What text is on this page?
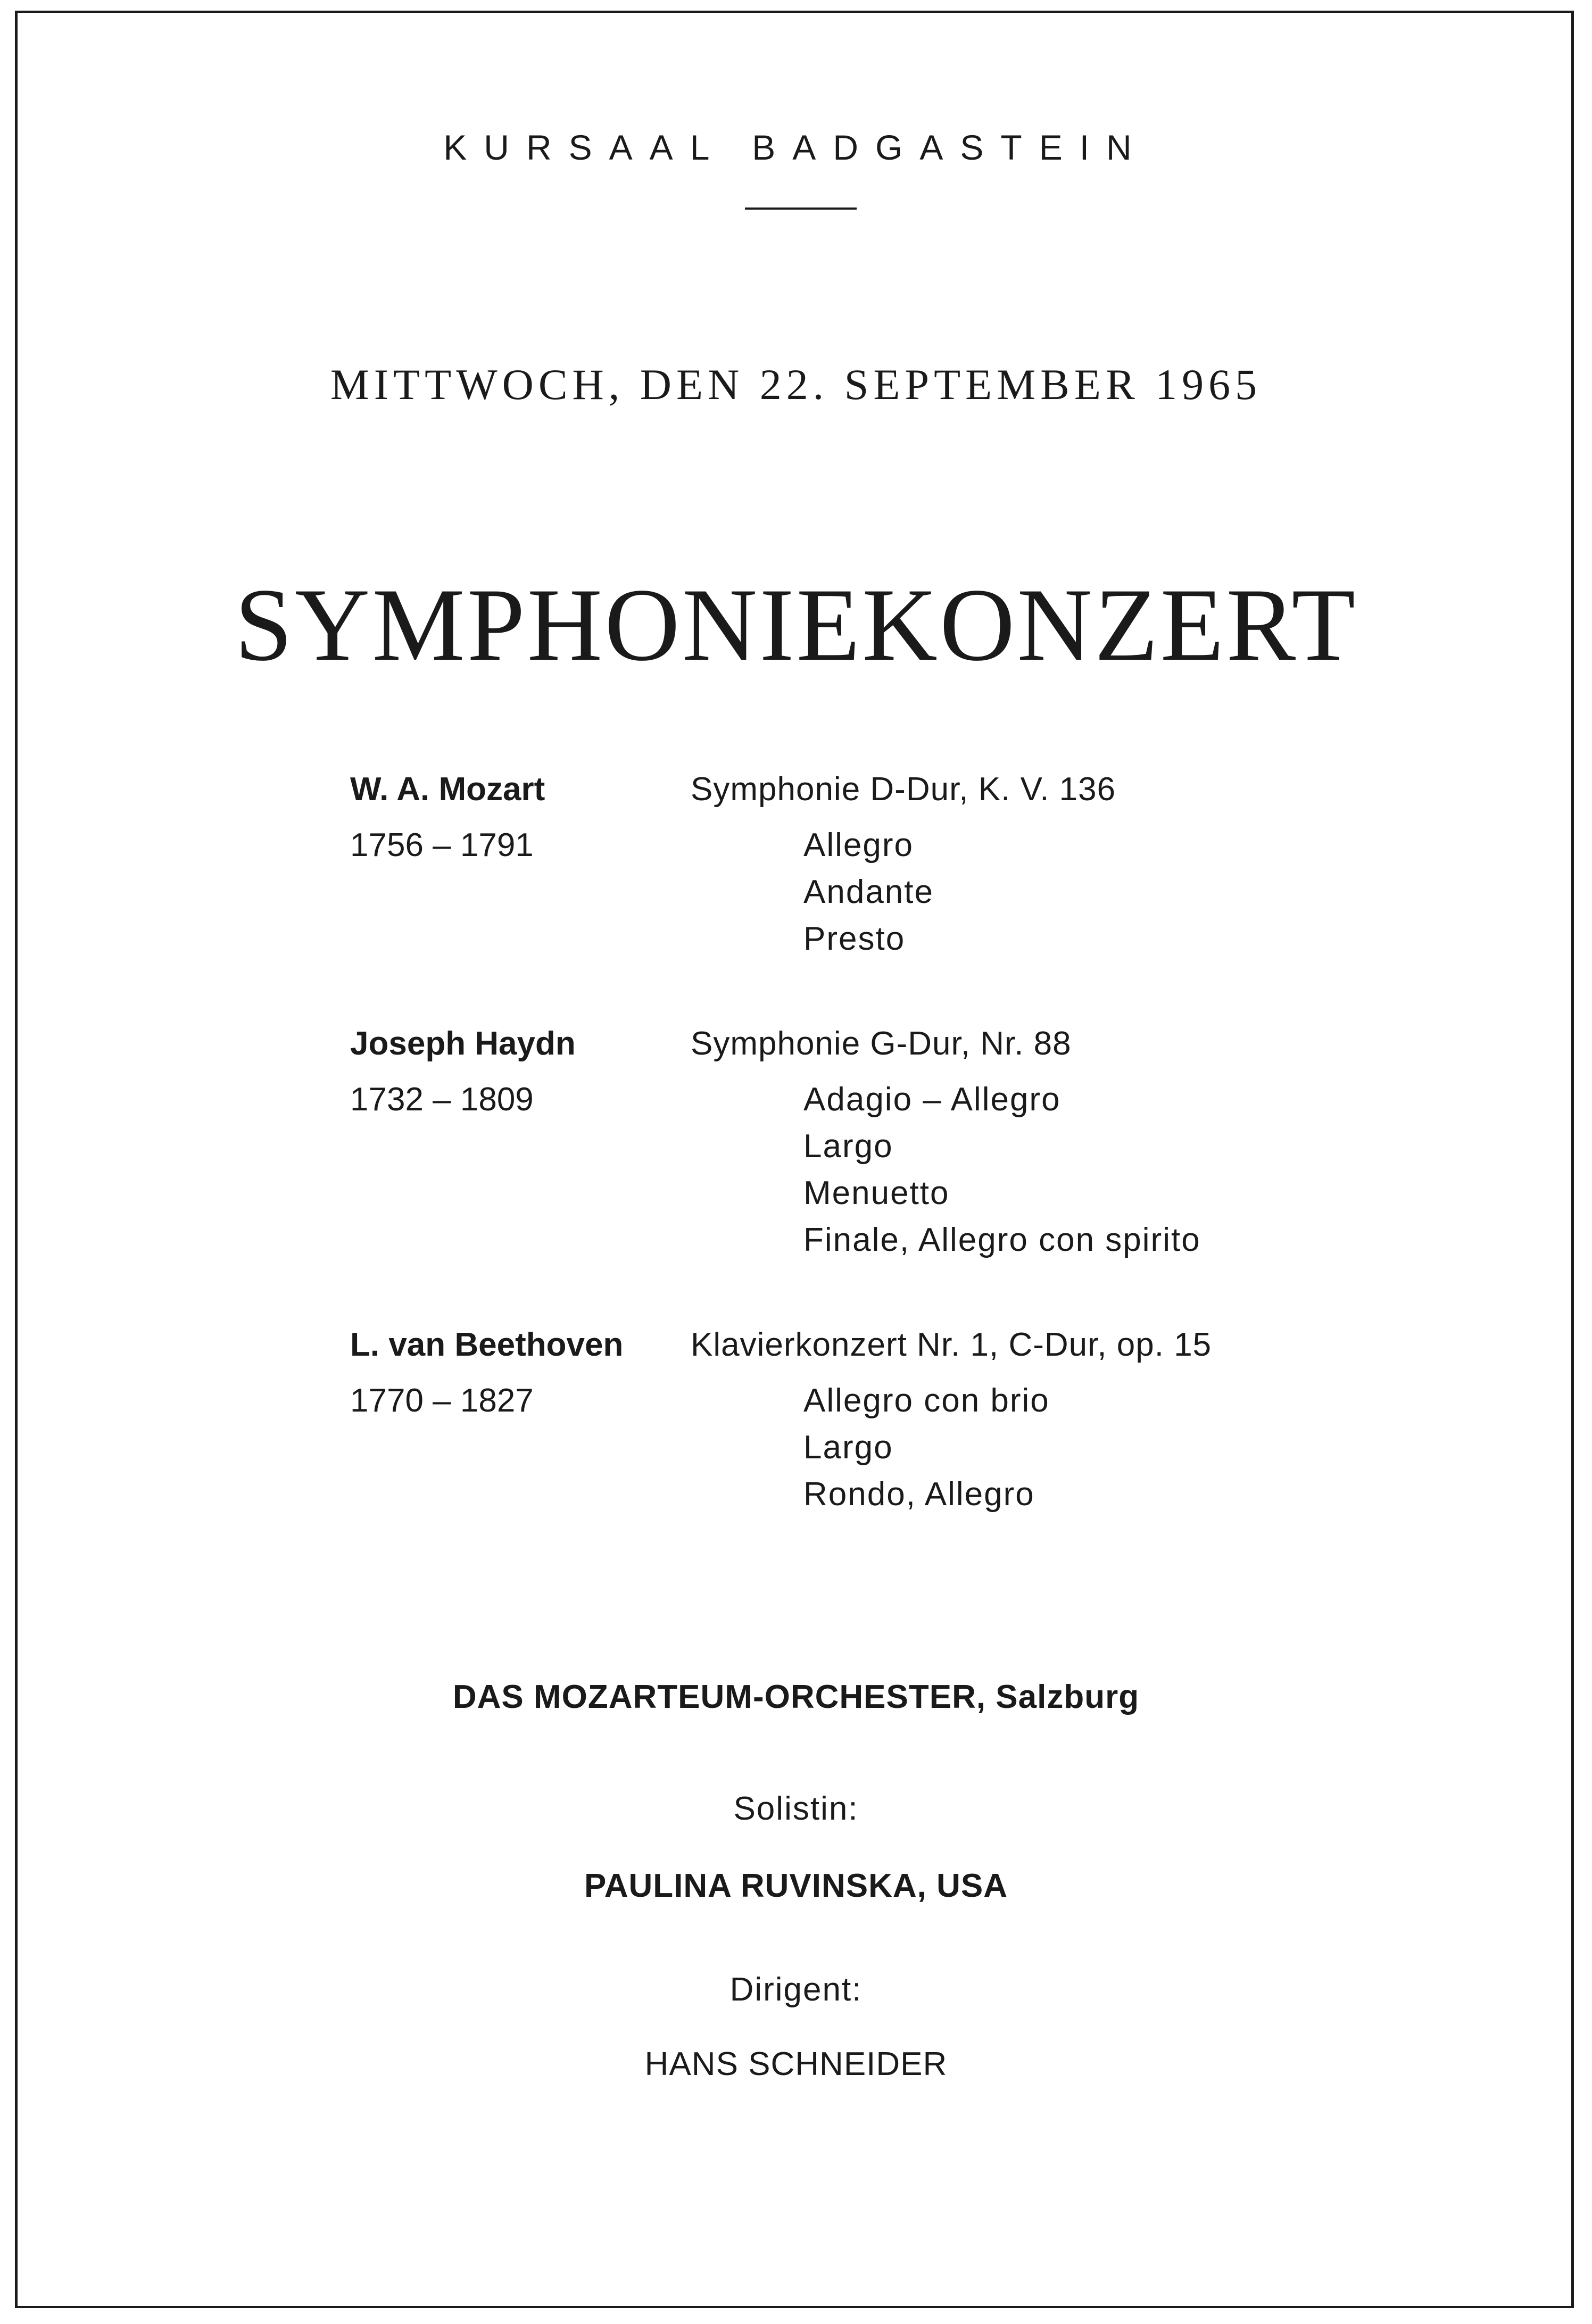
KURSAAL BADGASTEIN
MITTWOCH, DEN 22. SEPTEMBER 1965
SYMPHONIEKONZERT
W. A. Mozart	Symphonie D-Dur, K. V. 136
1756 – 1791	Allegro
Andante
Presto
Joseph Haydn	Symphonie G-Dur, Nr. 88
1732 – 1809	Adagio – Allegro
Largo
Menuetto
Finale, Allegro con spirito
L. van Beethoven Klavierkonzert Nr. 1, C-Dur, op. 15
1770 – 1827	Allegro con brio
Largo
Rondo, Allegro
DAS MOZARTEUM-ORCHESTER, Salzburg
Solistin:
PAULINA RUVINSKA, USA
Dirigent:
HANS SCHNEIDER
